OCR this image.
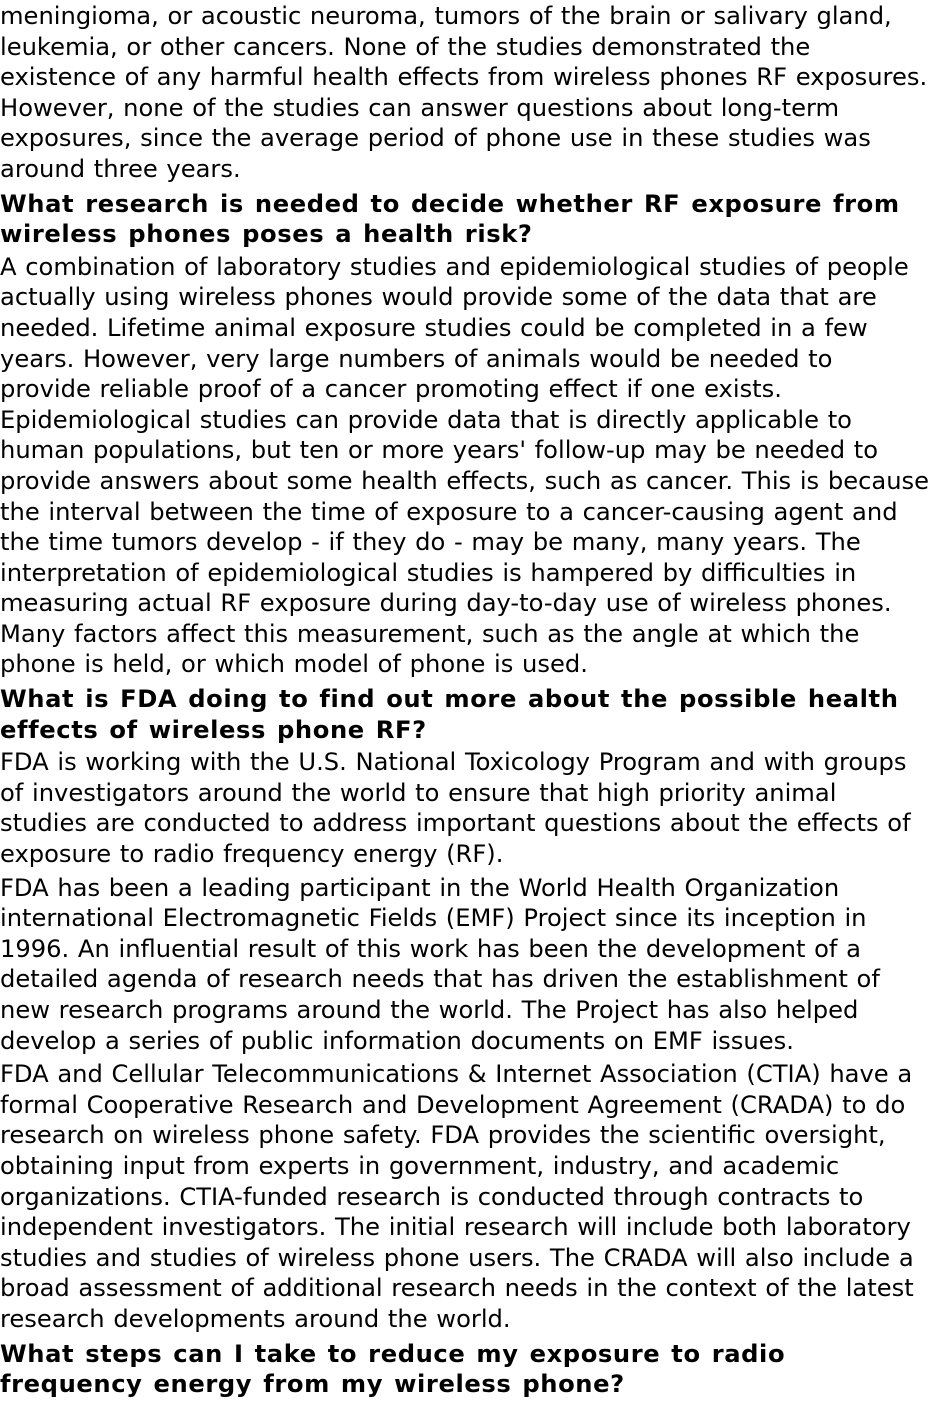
meningioma, or acoustic neuroma, tumors of the brain or salivary gland, leukemia, or other cancers. None of the studies demonstrated the existence of any harmful health effects from wireless phones RF exposures. However, none of the studies can answer questions about long-term exposures, since the average period of phone use in these studies was around three years.

What research is needed to decide whether RF exposure from wireless phones poses a health risk?

A combination of laboratory studies and epidemiological studies of people actually using wireless phones would provide some of the data that are needed. Lifetime animal exposure studies could be completed in a few years. However, very large numbers of animals would be needed to provide reliable proof of a cancer promoting effect if one exists. Epidemiological studies can provide data that is directly applicable to human populations, but ten or more years' follow-up may be needed to provide answers about some health effects, such as cancer. This is because the interval between the time of exposure to a cancer-causing agent and the time tumors develop - if they do - may be many, many years. The interpretation of epidemiological studies is hampered by difficulties in measuring actual RF exposure during day-to-day use of wireless phones. Many factors affect this measurement, such as the angle at which the phone is held, or which model of phone is used.

What is FDA doing to find out more about the possible health effects of wireless phone RF?

FDA is working with the U.S. National Toxicology Program and with groups of investigators around the world to ensure that high priority animal studies are conducted to address important questions about the effects of exposure to radio frequency energy (RF).

FDA has been a leading participant in the World Health Organization international Electromagnetic Fields (EMF) Project since its inception in 1996. An influential result of this work has been the development of a detailed agenda of research needs that has driven the establishment of new research programs around the world. The Project has also helped develop a series of public information documents on EMF issues.

FDA and Cellular Telecommunications & Internet Association (CTIA) have a formal Cooperative Research and Development Agreement (CRADA) to do research on wireless phone safety. FDA provides the scientific oversight, obtaining input from experts in government, industry, and academic organizations. CTIA-funded research is conducted through contracts to independent investigators. The initial research will include both laboratory studies and studies of wireless phone users. The CRADA will also include a broad assessment of additional research needs in the context of the latest research developments around the world.

What steps can I take to reduce my exposure to radio frequency energy from my wireless phone?
